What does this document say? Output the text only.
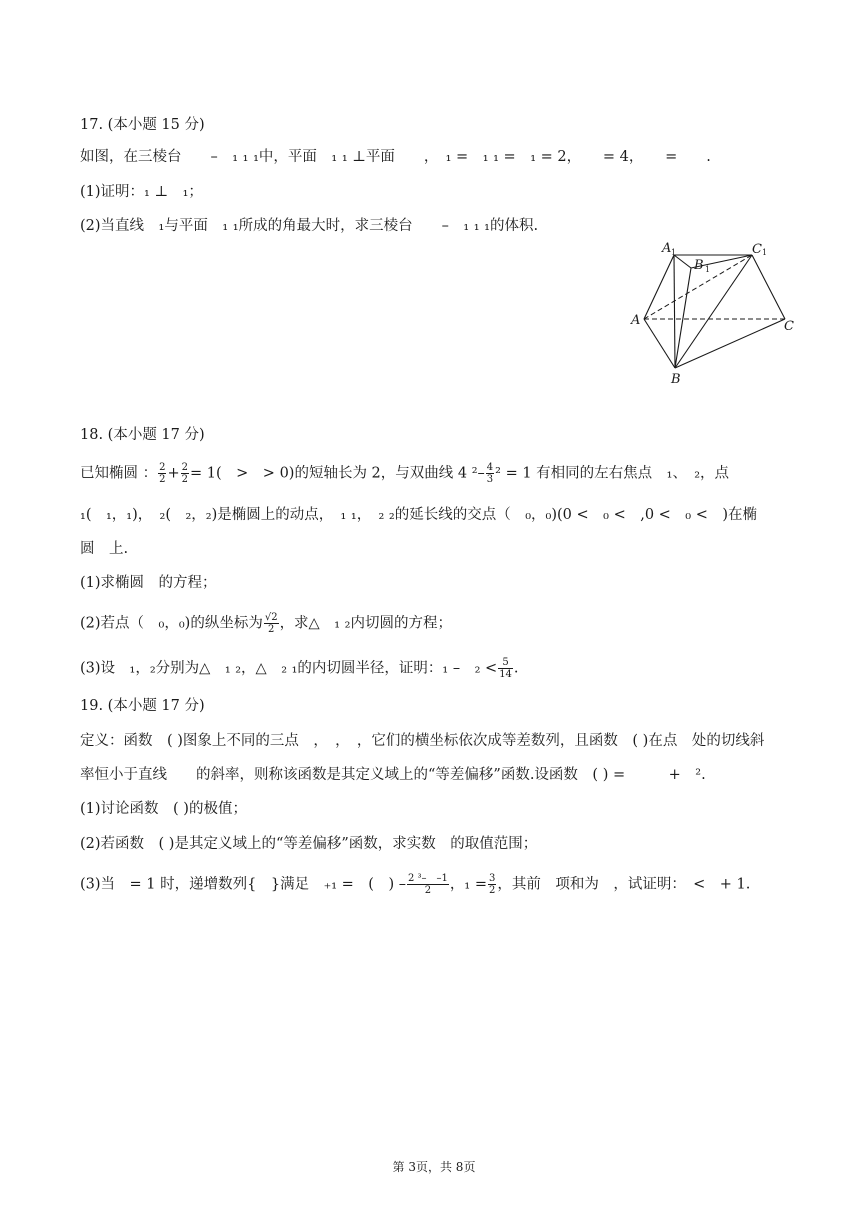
17. (本小题 15 分)
如图，在三棱台　　–　₁ ₁ ₁中，平面　₁ ₁ ⊥平面　　，　₁ =　₁ ₁ =　₁ = 2，　　= 4，　　=　　.
(1)证明：₁ ⊥　₁；
(2)当直线　₁与平面　₁ ₁所成的角最大时，求三棱台　　–　₁ ₁ ₁的体积.
A 1
B 1
C 1
A	C
B
18. (本小题 17 分)
已知椭圆 ： $\frac{2}{2} + \frac{2}{2} = 1$(　>　> 0)的短轴长为 2，与双曲线 4 $^2- \frac{4}{3} ^2 = 1$ 有相同的左右焦点　₁、　₂，点
₁(　₁，₁)，　₂(　₂，₂)是椭圆上的动点，　₁ ₁，　₂ ₂的延长线的交点（　₀，₀)(0 <　₀ <　,0 <　₀ <　)在椭
圆　上.
(1)求椭圆　的方程；
(2)若点（　₀，₀)的纵坐标为 $\frac{√2}{2}$ ，求△　₁ ₂内切圆的方程；
(3)设　₁，₂分别为△　₁ ₂，△　₂ ₁的内切圆半径，证明：₁ –　$_2 < \frac{5}{14}$ .
19. (本小题 17 分)
定义：函数　( )图象上不同的三点　，　，　，它们的横坐标依次成等差数列，且函数　( )在点　处的切线斜
率恒小于直线　　的斜率，则称该函数是其定义域上的“等差偏移”函数.设函数　( ) =　　　+　².
(1)讨论函数　( )的极值；
(2)若函数　( )是其定义域上的“等差偏移”函数，求实数　的取值范围；
(3)当　= 1 时，递增数列{　}满足　₊₁ =　(　) – $\frac{\text{2 ³–　–1}}{2}$ ，$_1 = \frac{3}{2}$ ，其前　项和为　，试证明：　<　+ 1.
第 3页，共 8页
